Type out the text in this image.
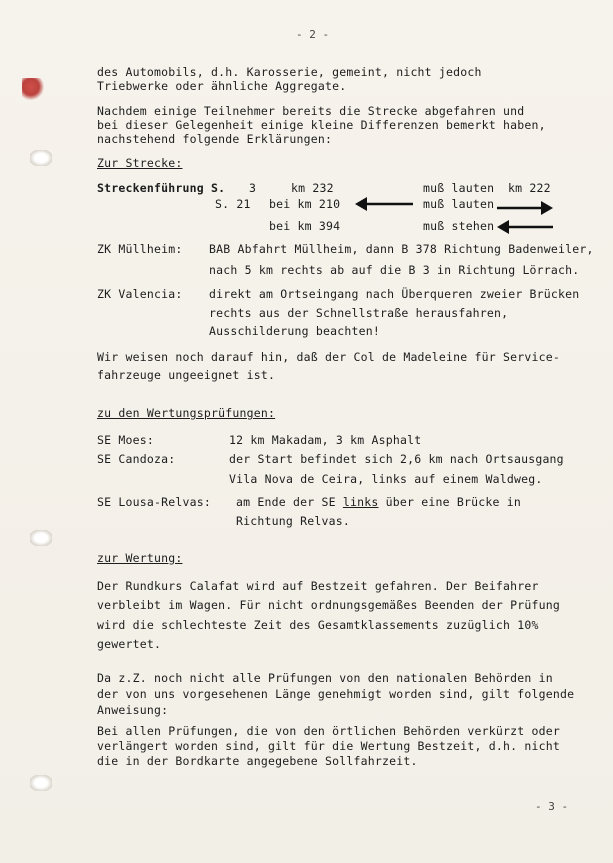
- 2 -
des Automobils, d.h. Karosserie, gemeint, nicht jedoch
Triebwerke oder ähnliche Aggregate.
Nachdem einige Teilnehmer bereits die Strecke abgefahren und
bei dieser Gelegenheit einige kleine Differenzen bemerkt haben,
nachstehend folgende Erklärungen:
Zur Strecke:
Streckenführung S. 3	km 232	muß lauten km 222
S. 21 bei km 210	muß lauten
bei km 394	muß stehen
ZK Müllheim: BAB Abfahrt Müllheim, dann B 378 Richtung Badenweiler,
nach 5 km rechts ab auf die B 3 in Richtung Lörrach.
ZK Valencia: direkt am Ortseingang nach Überqueren zweier Brücken
rechts aus der Schnellstraße herausfahren,
Ausschilderung beachten!
Wir weisen noch darauf hin, daß der Col de Madeleine für Service-
fahrzeuge ungeeignet ist.
zu den Wertungsprüfungen:
SE Moes:	12 km Makadam, 3 km Asphalt
SE Candoza:	der Start befindet sich 2,6 km nach Ortsausgang
Vila Nova de Ceira, links auf einem Waldweg.
SE Lousa-Relvas: am Ende der SE links über eine Brücke in
Richtung Relvas.
zur Wertung:
Der Rundkurs Calafat wird auf Bestzeit gefahren. Der Beifahrer
verbleibt im Wagen. Für nicht ordnungsgemäßes Beenden der Prüfung
wird die schlechteste Zeit des Gesamtklassements zuzüglich 10%
gewertet.
Da z.Z. noch nicht alle Prüfungen von den nationalen Behörden in
der von uns vorgesehenen Länge genehmigt worden sind, gilt folgende
Anweisung:
Bei allen Prüfungen, die von den örtlichen Behörden verkürzt oder
verlängert worden sind, gilt für die Wertung Bestzeit, d.h. nicht
die in der Bordkarte angegebene Sollfahrzeit.
- 3 -
